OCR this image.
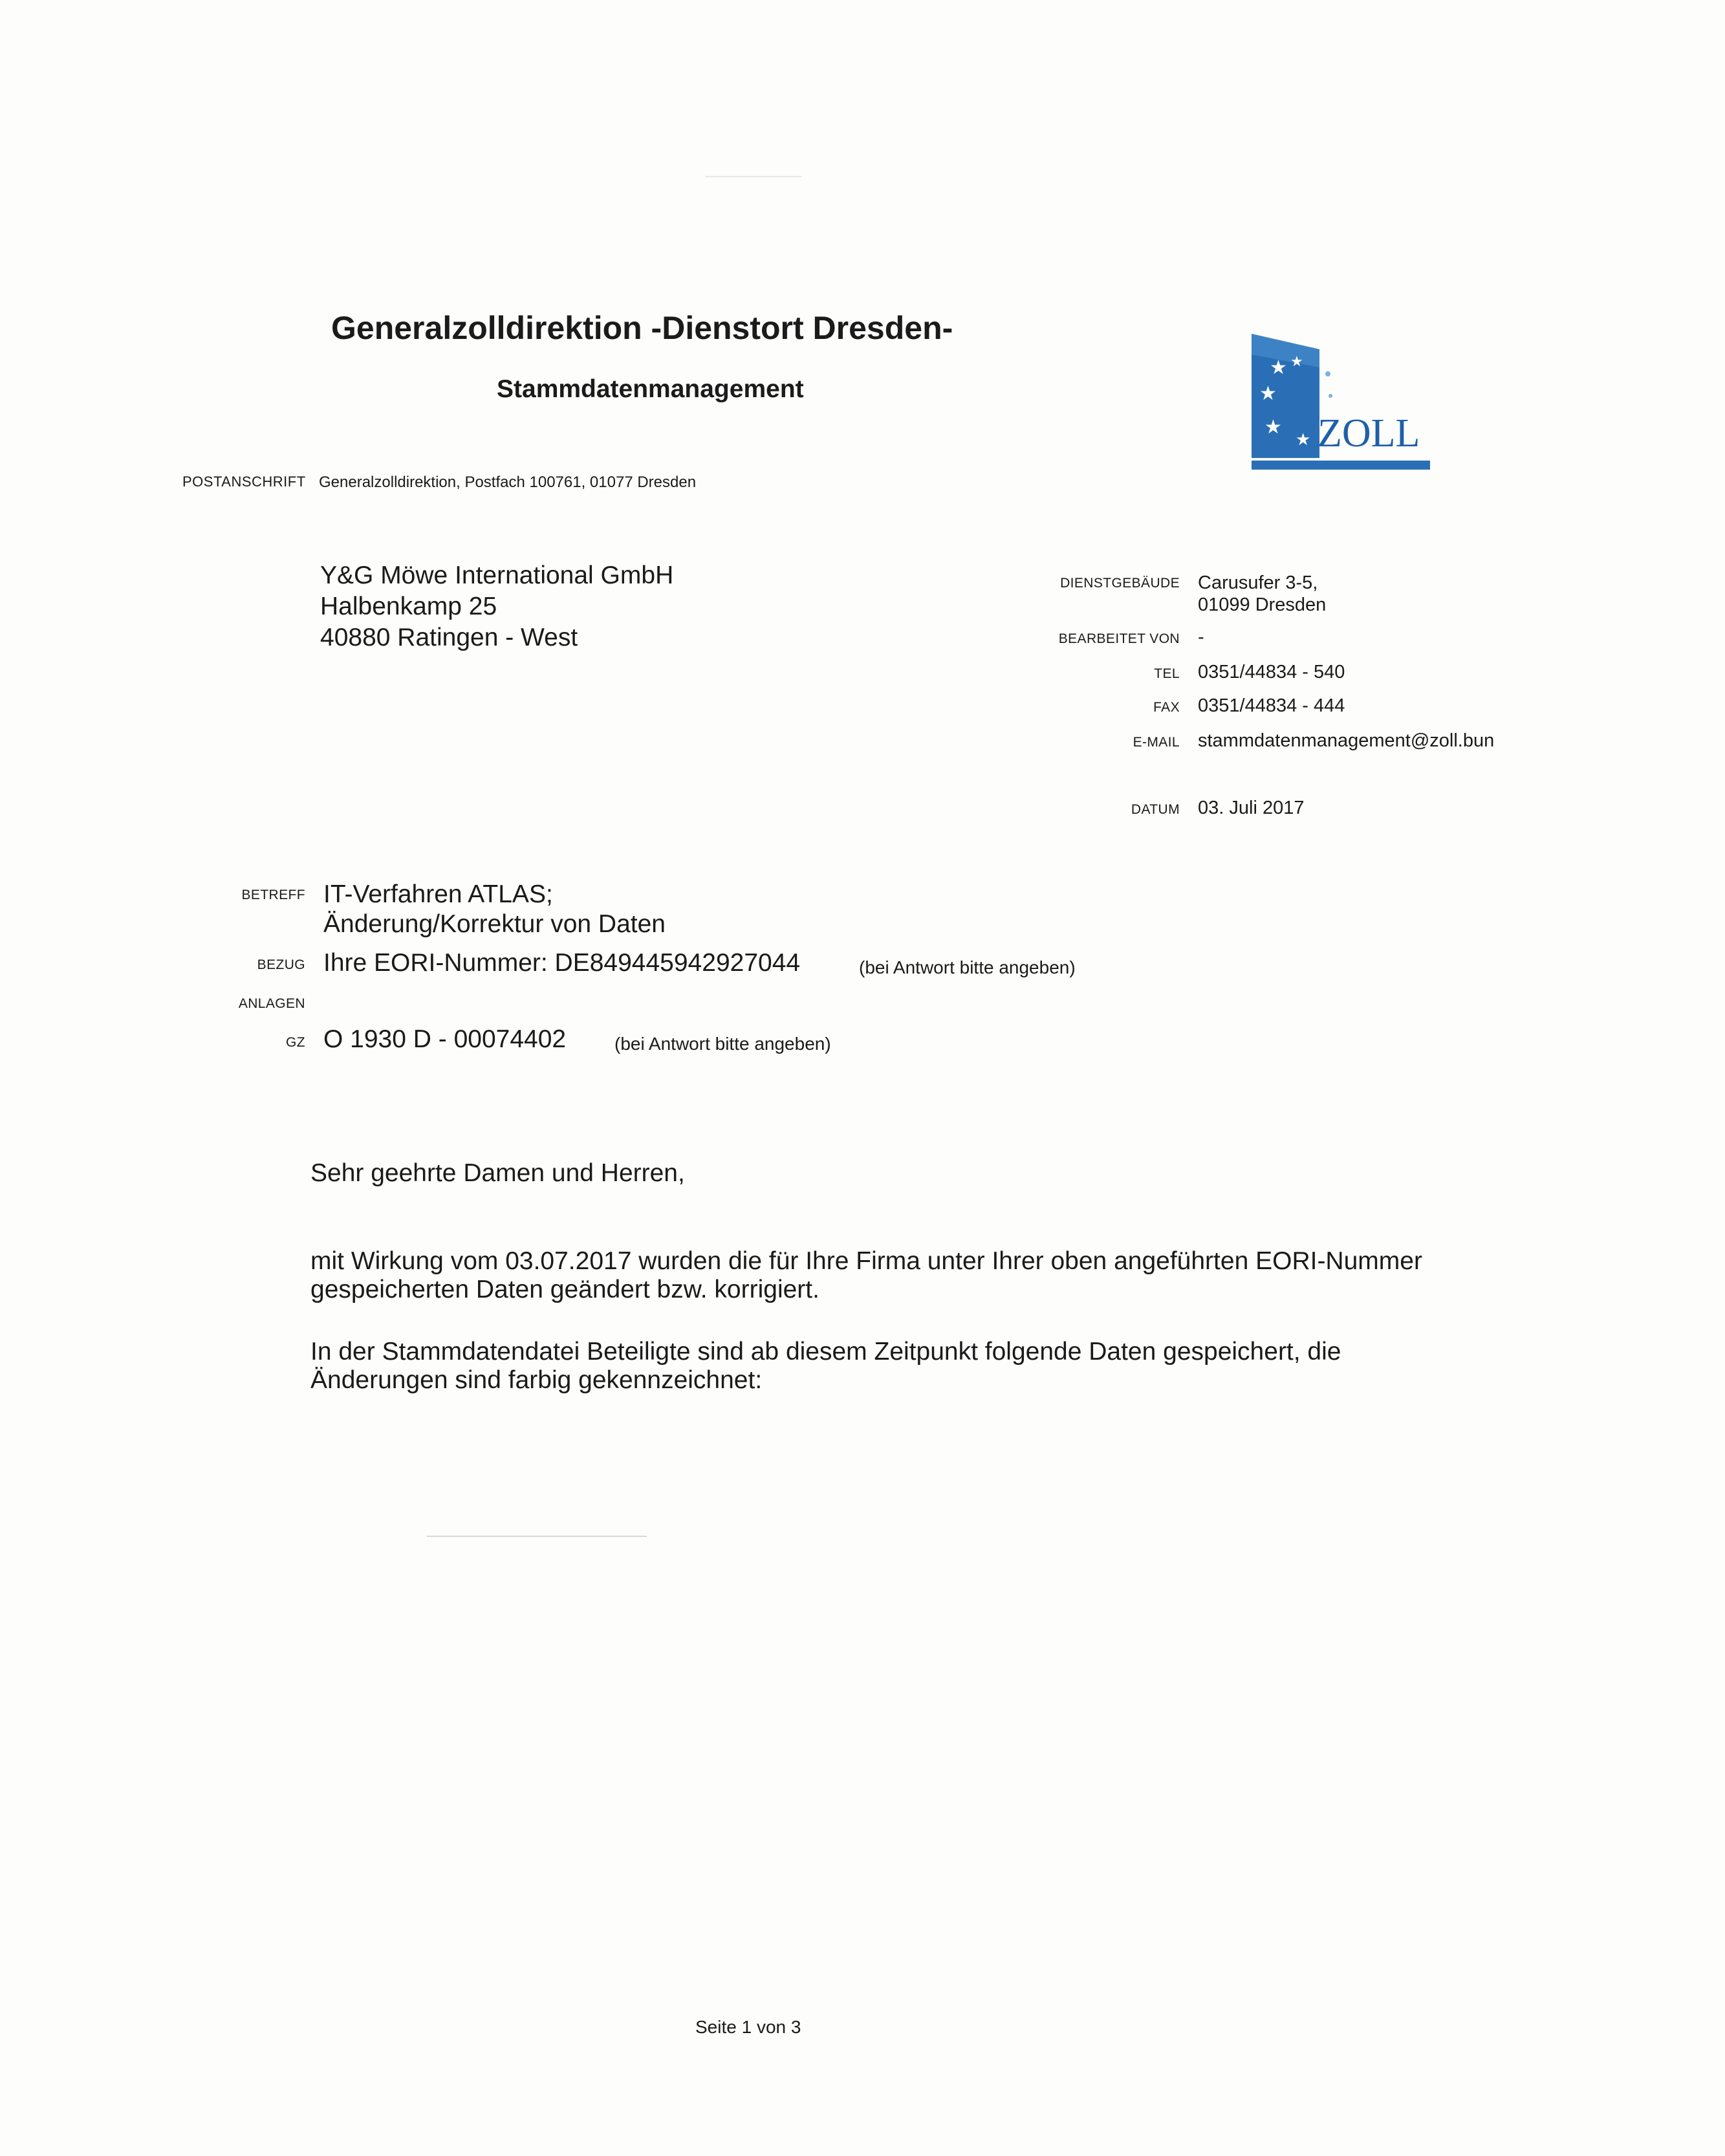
Generalzolldirektion -Dienstort Dresden-
Stammdatenmanagement
★ ★
★
★
★ ZOLL
POSTANSCHRIFT Generalzolldirektion, Postfach 100761, 01077 Dresden
Y&G Möwe International GmbH
Halbenkamp 25
40880 Ratingen - West
DIENSTGEBÄUDE Carusufer 3-5,
01099 Dresden
BEARBEITET VON -
TEL 0351/44834 - 540
FAX 0351/44834 - 444
E-MAIL stammdatenmanagement@zoll.bun
DATUM 03. Juli 2017
BETREFF IT-Verfahren ATLAS;
Änderung/Korrektur von Daten
BEZUG Ihre EORI-Nummer: DE849445942927044	(bei Antwort bitte angeben)
ANLAGEN
GZ O 1930 D - 00074402	(bei Antwort bitte angeben)
Sehr geehrte Damen und Herren,
mit Wirkung vom 03.07.2017 wurden die für Ihre Firma unter Ihrer oben angeführten EORI-Nummer
gespeicherten Daten geändert bzw. korrigiert.
In der Stammdatendatei Beteiligte sind ab diesem Zeitpunkt folgende Daten gespeichert, die
Änderungen sind farbig gekennzeichnet:
Seite 1 von 3
